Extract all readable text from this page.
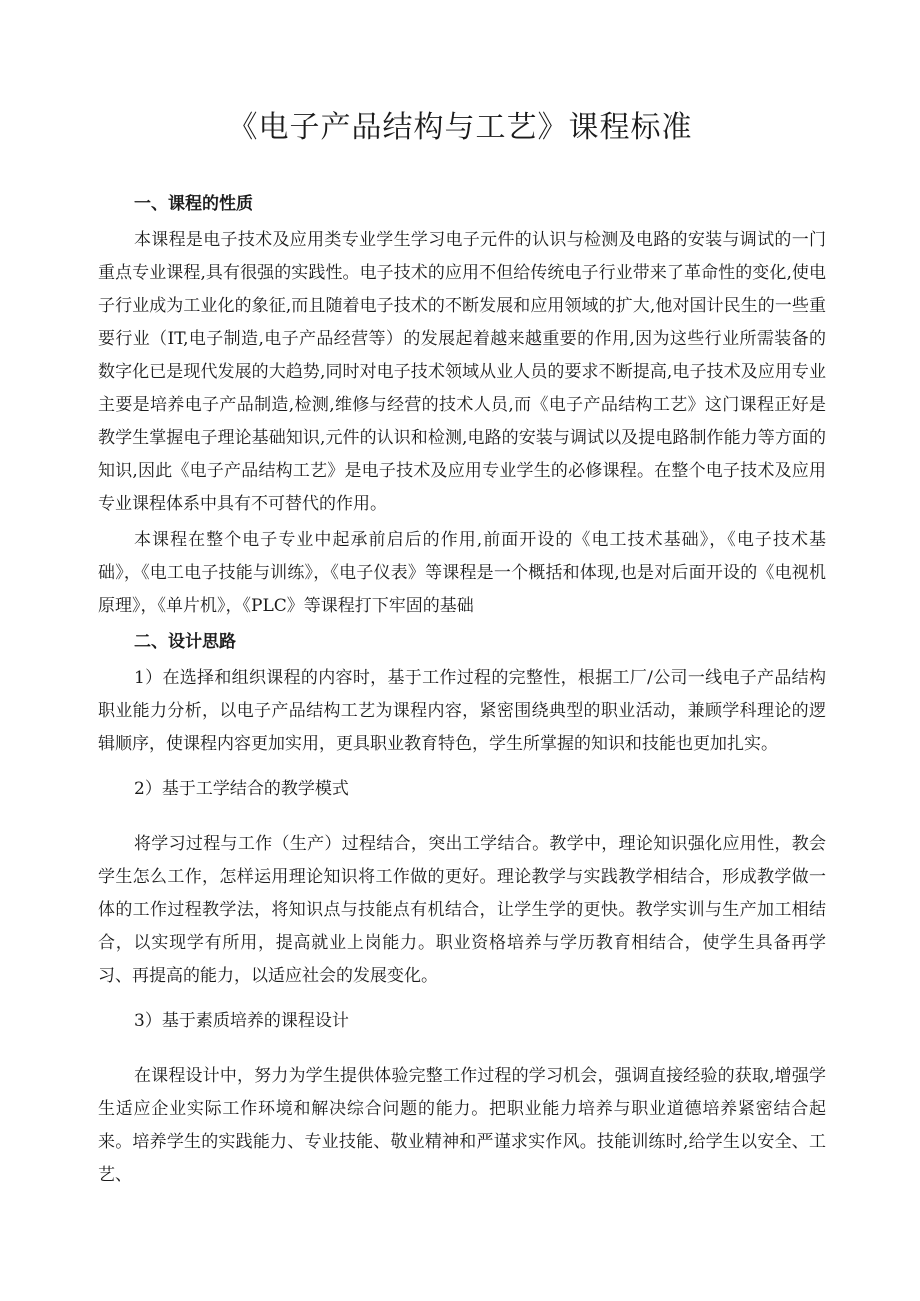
《电子产品结构与工艺》课程标准

一、课程的性质

本课程是电子技术及应用类专业学生学习电子元件的认识与检测及电路的安装与调试的一门重点专业课程,具有很强的实践性。电子技术的应用不但给传统电子行业带来了革命性的变化,使电子行业成为工业化的象征,而且随着电子技术的不断发展和应用领域的扩大,他对国计民生的一些重要行业（IT,电子制造,电子产品经营等）的发展起着越来越重要的作用,因为这些行业所需装备的数字化已是现代发展的大趋势,同时对电子技术领域从业人员的要求不断提高,电子技术及应用专业主要是培养电子产品制造,检测,维修与经营的技术人员,而《电子产品结构工艺》这门课程正好是教学生掌握电子理论基础知识,元件的认识和检测,电路的安装与调试以及提电路制作能力等方面的知识,因此《电子产品结构工艺》是电子技术及应用专业学生的必修课程。在整个电子技术及应用专业课程体系中具有不可替代的作用。

本课程在整个电子专业中起承前启后的作用,前面开设的《电工技术基础》，《电子技术基础》，《电工电子技能与训练》，《电子仪表》等课程是一个概括和体现,也是对后面开设的《电视机原理》，《单片机》，《PLC》等课程打下牢固的基础

二、设计思路

1）在选择和组织课程的内容时，基于工作过程的完整性，根据工厂/公司一线电子产品结构职业能力分析，以电子产品结构工艺为课程内容，紧密围绕典型的职业活动，兼顾学科理论的逻辑顺序，使课程内容更加实用，更具职业教育特色，学生所掌握的知识和技能也更加扎实。

2）基于工学结合的教学模式

将学习过程与工作（生产）过程结合，突出工学结合。教学中，理论知识强化应用性，教会学生怎么工作，怎样运用理论知识将工作做的更好。理论教学与实践教学相结合，形成教学做一体的工作过程教学法，将知识点与技能点有机结合，让学生学的更快。教学实训与生产加工相结合，以实现学有所用，提高就业上岗能力。职业资格培养与学历教育相结合，使学生具备再学习、再提高的能力，以适应社会的发展变化。

3）基于素质培养的课程设计

在课程设计中，努力为学生提供体验完整工作过程的学习机会，强调直接经验的获取,增强学生适应企业实际工作环境和解决综合问题的能力。把职业能力培养与职业道德培养紧密结合起来。培养学生的实践能力、专业技能、敬业精神和严谨求实作风。技能训练时,给学生以安全、工艺、
